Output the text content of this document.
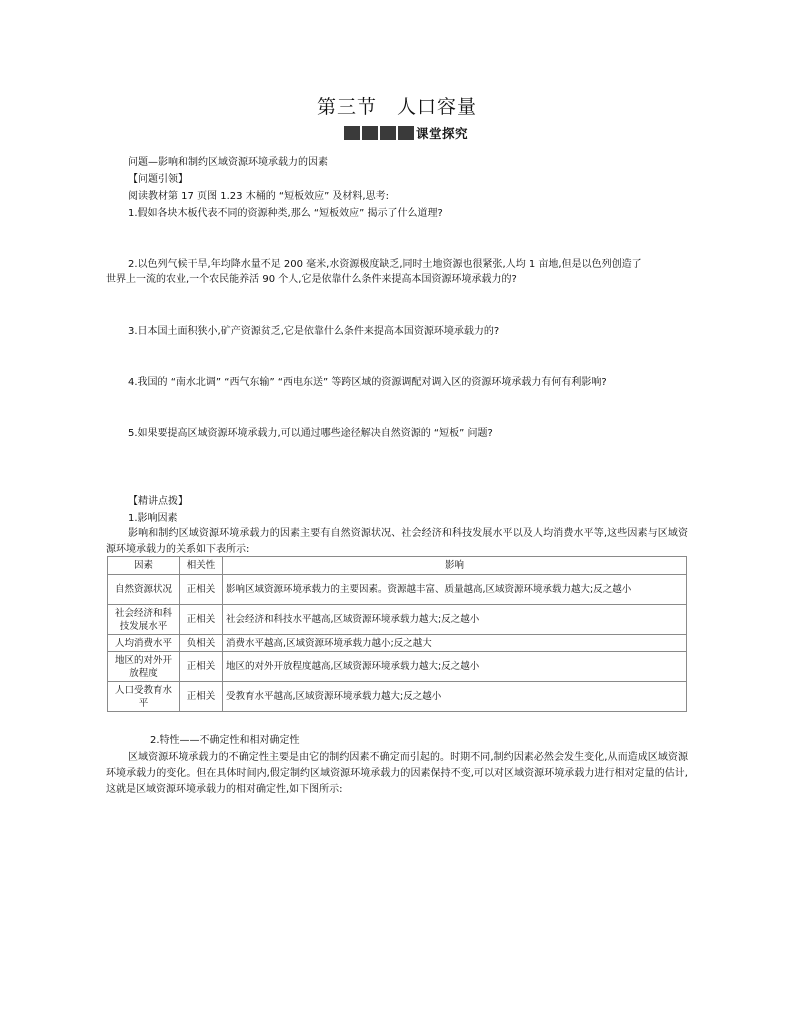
第三节　人口容量
课堂探究
问题—影响和制约区域资源环境承载力的因素
【问题引领】
阅读教材第 17 页图 1.23 木桶的 “短板效应” 及材料,思考:
1.假如各块木板代表不同的资源种类,那么 “短板效应” 揭示了什么道理?
2.以色列气候干旱,年均降水量不足 200 毫米,水资源极度缺乏,同时土地资源也很紧张,人均 1 亩地,但是以色列创造了
世界上一流的农业,一个农民能养活 90 个人,它是依靠什么条件来提高本国资源环境承载力的?
3.日本国土面积狭小,矿产资源贫乏,它是依靠什么条件来提高本国资源环境承载力的?
4.我国的 “南水北调” “西气东输” “西电东送” 等跨区域的资源调配对调入区的资源环境承载力有何有利影响?
5.如果要提高区域资源环境承载力,可以通过哪些途径解决自然资源的 “短板” 问题?
【精讲点拨】
1.影响因素
影响和制约区域资源环境承载力的因素主要有自然资源状况、社会经济和科技发展水平以及人均消费水平等,这些因素与区域资源环境承载力的关系如下表所示:
因素	相关性	影响
自然资源状况	正相关	影响区域资源环境承载力的主要因素。资源越丰富、质量越高,区域资源环境承载力越大;反之越小
社会经济和科技发展水平	正相关	社会经济和科技水平越高,区域资源环境承载力越大;反之越小
人均消费水平	负相关	消费水平越高,区域资源环境承载力越小;反之越大
地区的对外开放程度	正相关	地区的对外开放程度越高,区域资源环境承载力越大;反之越小
人口受教育水平	正相关	受教育水平越高,区域资源环境承载力越大;反之越小
2.特性——不确定性和相对确定性
区域资源环境承载力的不确定性主要是由它的制约因素不确定而引起的。时期不同,制约因素必然会发生变化,从而造成区域资源环境承载力的变化。但在具体时间内,假定制约区域资源环境承载力的因素保持不变,可以对区域资源环境承载力进行相对定量的估计,这就是区域资源环境承载力的相对确定性,如下图所示:
